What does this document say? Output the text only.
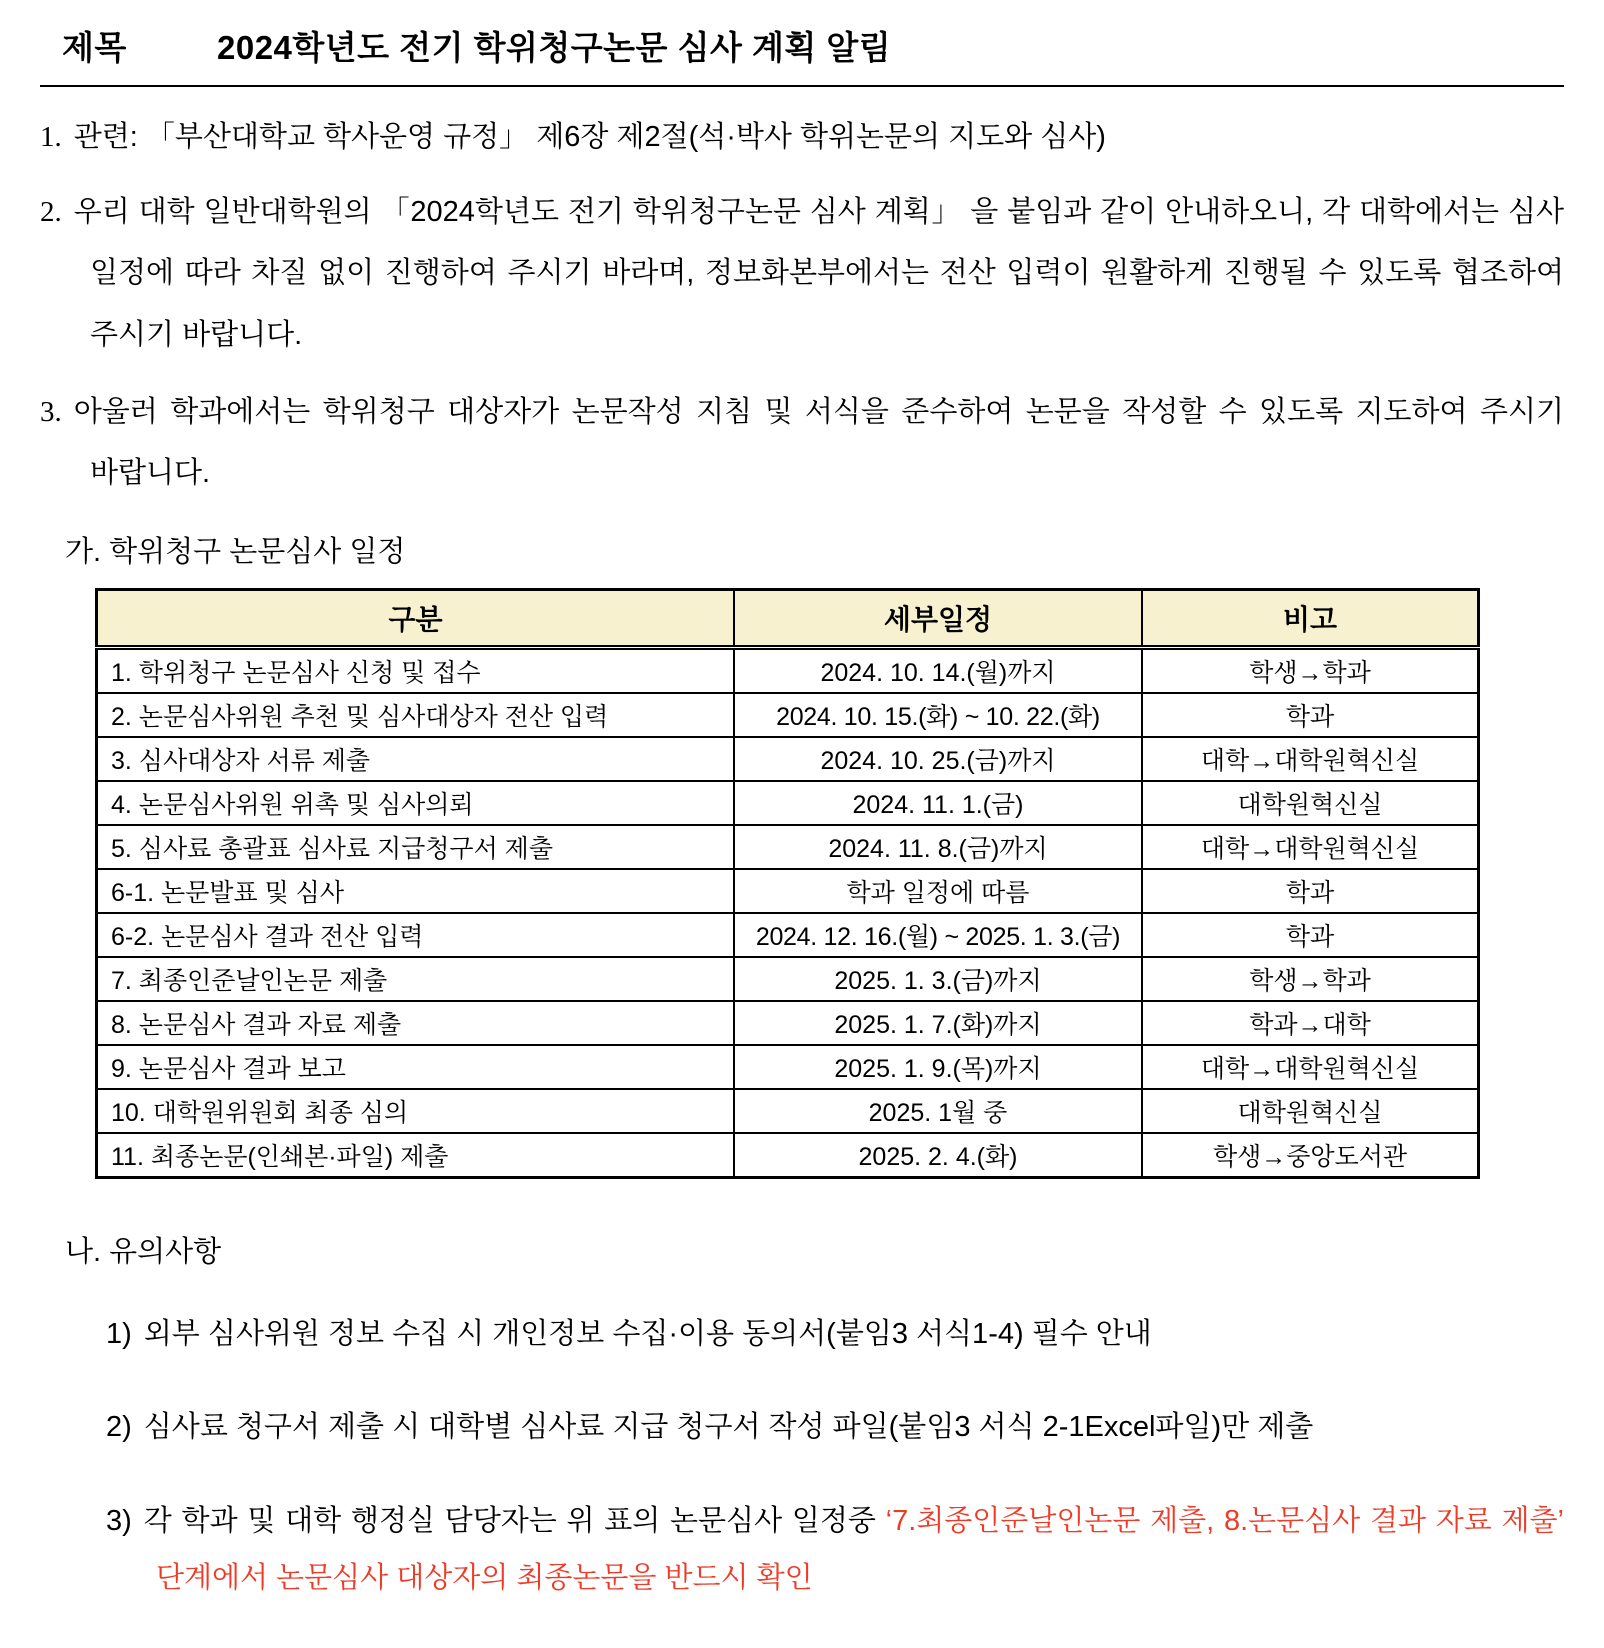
제목	2024학년도 전기 학위청구논문 심사 계획 알림

1. 관련: 「부산대학교 학사운영 규정」 제6장 제2절(석·박사 학위논문의 지도와 심사)

2. 우리 대학 일반대학원의 「2024학년도 전기 학위청구논문 심사 계획」 을 붙임과 같이 안내하오니, 각 대학에서는 심사 일정에 따라 차질 없이 진행하여 주시기 바라며, 정보화본부에서는 전산 입력이 원활하게 진행될 수 있도록 협조하여 주시기 바랍니다.

3. 아울러 학과에서는 학위청구 대상자가 논문작성 지침 및 서식을 준수하여 논문을 작성할 수 있도록 지도하여 주시기 바랍니다.

가. 학위청구 논문심사 일정
구분	세부일정	비고
1. 학위청구 논문심사 신청 및 접수	2024. 10. 14.(월)까지	학생→학과
2. 논문심사위원 추천 및 심사대상자 전산 입력	2024. 10. 15.(화) ~ 10. 22.(화)	학과
3. 심사대상자 서류 제출	2024. 10. 25.(금)까지	대학→대학원혁신실
4. 논문심사위원 위촉 및 심사의뢰	2024. 11. 1.(금)	대학원혁신실
5. 심사료 총괄표 심사료 지급청구서 제출	2024. 11. 8.(금)까지	대학→대학원혁신실
6-1. 논문발표 및 심사	학과 일정에 따름	학과
6-2. 논문심사 결과 전산 입력	2024. 12. 16.(월) ~ 2025. 1. 3.(금)	학과
7. 최종인준날인논문 제출	2025. 1. 3.(금)까지	학생→학과
8. 논문심사 결과 자료 제출	2025. 1. 7.(화)까지	학과→대학
9. 논문심사 결과 보고	2025. 1. 9.(목)까지	대학→대학원혁신실
10. 대학원위원회 최종 심의	2025. 1월 중	대학원혁신실
11. 최종논문(인쇄본·파일) 제출	2025. 2. 4.(화)	학생→중앙도서관
나. 유의사항

1) 외부 심사위원 정보 수집 시 개인정보 수집·이용 동의서(붙임3 서식1-4) 필수 안내

2) 심사료 청구서 제출 시 대학별 심사료 지급 청구서 작성 파일(붙임3 서식 2-1Excel파일)만 제출

3) 각 학과 및 대학 행정실 담당자는 위 표의 논문심사 일정중 ‘7.최종인준날인논문 제출, 8.논문심사 결과 자료 제출’ 단계에서 논문심사 대상자의 최종논문을 반드시 확인
